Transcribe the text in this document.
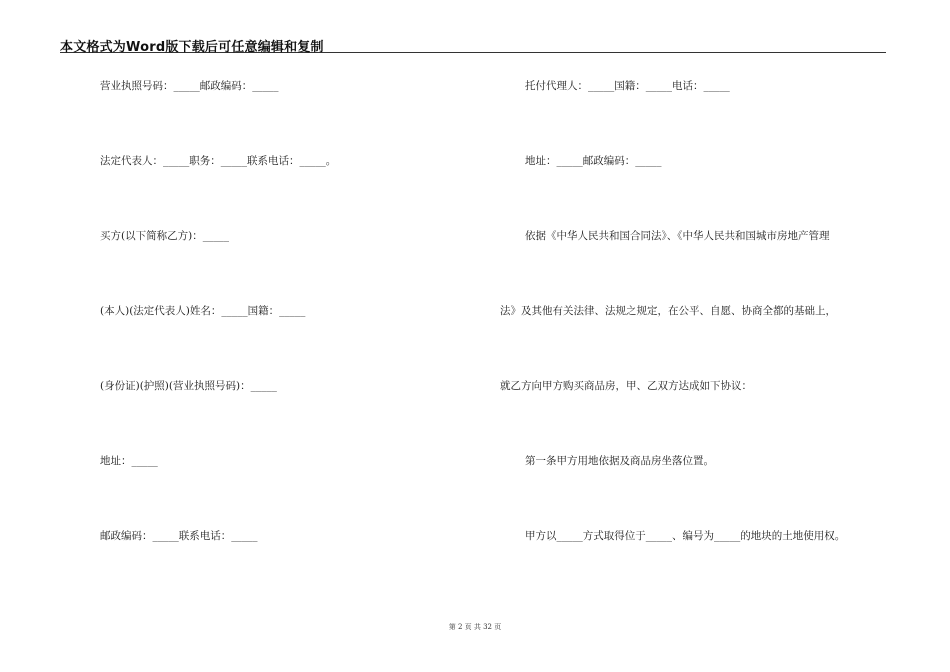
本文格式为Word版下载后可任意编辑和复制
营业执照号码：_____邮政编码：_____
法定代表人：_____职务：_____联系电话：_____。
买方(以下简称乙方)：_____
(本人)(法定代表人)姓名：_____国籍：_____
(身份证)(护照)(营业执照号码)：_____
地址：_____
邮政编码：_____联系电话：_____
托付代理人：_____国籍：_____电话：_____
地址：_____邮政编码：_____
依据《中华人民共和国合同法》、《中华人民共和国城市房地产管理
法》及其他有关法律、法规之规定，在公平、自愿、协商全都的基础上，
就乙方向甲方购买商品房，甲、乙双方达成如下协议：
第一条甲方用地依据及商品房坐落位置。
甲方以_____方式取得位于_____、编号为_____的地块的土地使用权。
第 2 页 共 32 页
